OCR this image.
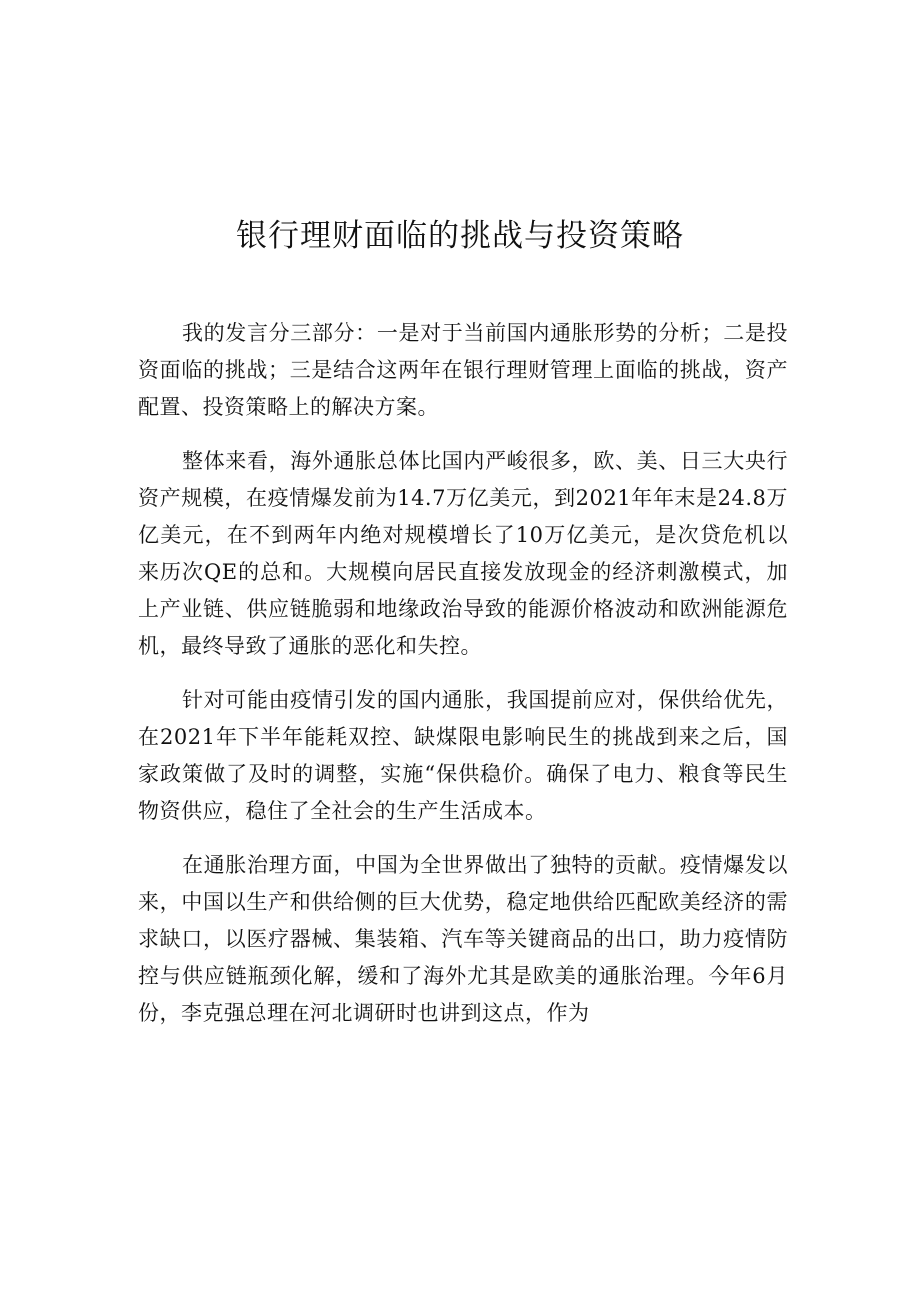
银行理财面临的挑战与投资策略

我的发言分三部分：一是对于当前国内通胀形势的分析；二是投资面临的挑战；三是结合这两年在银行理财管理上面临的挑战，资产配置、投资策略上的解决方案。

整体来看，海外通胀总体比国内严峻很多，欧、美、日三大央行资产规模，在疫情爆发前为14.7万亿美元，到2021年年末是24.8万亿美元，在不到两年内绝对规模增长了10万亿美元，是次贷危机以来历次QE的总和。大规模向居民直接发放现金的经济刺激模式，加上产业链、供应链脆弱和地缘政治导致的能源价格波动和欧洲能源危机，最终导致了通胀的恶化和失控。

针对可能由疫情引发的国内通胀，我国提前应对，保供给优先，在2021年下半年能耗双控、缺煤限电影响民生的挑战到来之后，国家政策做了及时的调整，实施“保供稳价。确保了电力、粮食等民生物资供应，稳住了全社会的生产生活成本。

在通胀治理方面，中国为全世界做出了独特的贡献。疫情爆发以来，中国以生产和供给侧的巨大优势，稳定地供给匹配欧美经济的需求缺口，以医疗器械、集装箱、汽车等关键商品的出口，助力疫情防控与供应链瓶颈化解，缓和了海外尤其是欧美的通胀治理。今年6月份，李克强总理在河北调研时也讲到这点，作为
